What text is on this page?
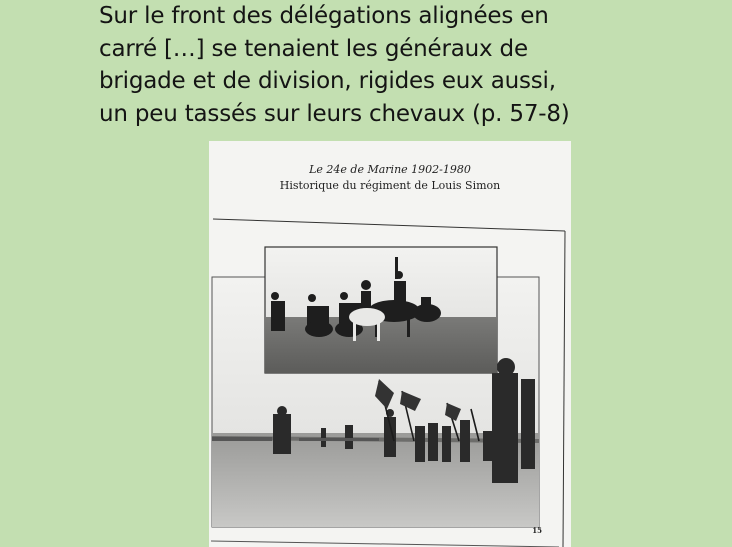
Sur le front des délégations alignées en
carré […] se tenaient les généraux de
brigade et de division, rigides eux aussi,
un peu tassés sur leurs chevaux (p. 57-8)
Le 24e de Marine 1902-1980
Historique du régiment de Louis Simon
15
